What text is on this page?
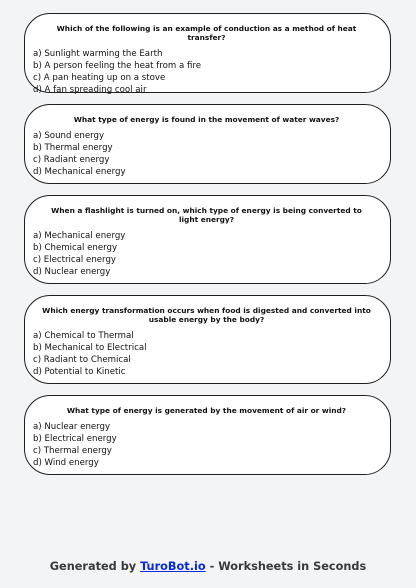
Which of the following is an example of conduction as a method of heat transfer?
a) Sunlight warming the Earth
b) A person feeling the heat from a fire
c) A pan heating up on a stove
d) A fan spreading cool air
What type of energy is found in the movement of water waves?
a) Sound energy
b) Thermal energy
c) Radiant energy
d) Mechanical energy
When a flashlight is turned on, which type of energy is being converted to light energy?
a) Mechanical energy
b) Chemical energy
c) Electrical energy
d) Nuclear energy
Which energy transformation occurs when food is digested and converted into usable energy by the body?
a) Chemical to Thermal
b) Mechanical to Electrical
c) Radiant to Chemical
d) Potential to Kinetic
What type of energy is generated by the movement of air or wind?
a) Nuclear energy
b) Electrical energy
c) Thermal energy
d) Wind energy
Generated by TuroBot.io - Worksheets in Seconds
